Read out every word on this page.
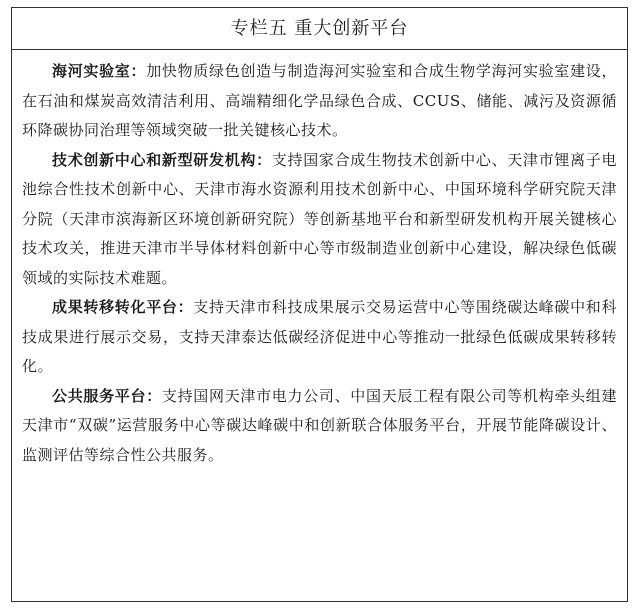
专栏五 重大创新平台

海河实验室：加快物质绿色创造与制造海河实验室和合成生物学海河实验室建设，在石油和煤炭高效清洁利用、高端精细化学品绿色合成、CCUS、储能、减污及资源循环降碳协同治理等领域突破一批关键核心技术。

技术创新中心和新型研发机构：支持国家合成生物技术创新中心、天津市锂离子电池综合性技术创新中心、天津市海水资源利用技术创新中心、中国环境科学研究院天津分院（天津市滨海新区环境创新研究院）等创新基地平台和新型研发机构开展关键核心技术攻关，推进天津市半导体材料创新中心等市级制造业创新中心建设，解决绿色低碳领域的实际技术难题。

成果转移转化平台：支持天津市科技成果展示交易运营中心等围绕碳达峰碳中和科技成果进行展示交易，支持天津泰达低碳经济促进中心等推动一批绿色低碳成果转移转化。

公共服务平台：支持国网天津市电力公司、中国天辰工程有限公司等机构牵头组建天津市“双碳”运营服务中心等碳达峰碳中和创新联合体服务平台，开展节能降碳设计、监测评估等综合性公共服务。
